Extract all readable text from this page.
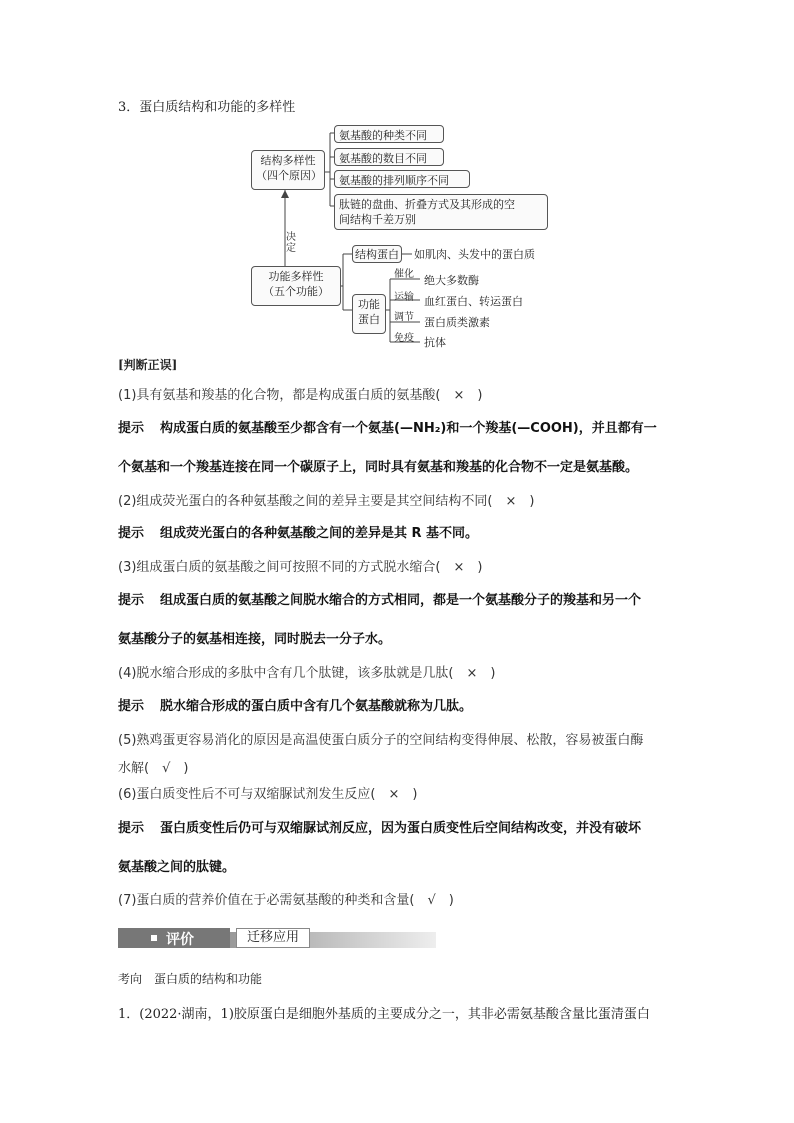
3．蛋白质结构和功能的多样性
结构多样性
（四个原因）
氨基酸的种类不同
氨基酸的数目不同
氨基酸的排列顺序不同
肽链的盘曲、折叠方式及其形成的空
间结构千差万别
决定
功能多样性
（五个功能）
结构蛋白 如肌肉、头发中的蛋白质
功能
蛋白
催化 绝大多数酶
运输 血红蛋白、转运蛋白
调节 蛋白质类激素
免疫 抗体
[判断正误]
(1)具有氨基和羧基的化合物，都是构成蛋白质的氨基酸(　×　)
提示 构成蛋白质的氨基酸至少都含有一个氨基(—NH₂)和一个羧基(—COOH)，并且都有一
个氨基和一个羧基连接在同一个碳原子上，同时具有氨基和羧基的化合物不一定是氨基酸。
(2)组成荧光蛋白的各种氨基酸之间的差异主要是其空间结构不同(　×　)
提示 组成荧光蛋白的各种氨基酸之间的差异是其 R 基不同。
(3)组成蛋白质的氨基酸之间可按照不同的方式脱水缩合(　×　)
提示 组成蛋白质的氨基酸之间脱水缩合的方式相同，都是一个氨基酸分子的羧基和另一个
氨基酸分子的氨基相连接，同时脱去一分子水。
(4)脱水缩合形成的多肽中含有几个肽键，该多肽就是几肽(　×　)
提示 脱水缩合形成的蛋白质中含有几个氨基酸就称为几肽。
(5)熟鸡蛋更容易消化的原因是高温使蛋白质分子的空间结构变得伸展、松散，容易被蛋白酶
水解(　√　)
(6)蛋白质变性后不可与双缩脲试剂发生反应(　×　)
提示 蛋白质变性后仍可与双缩脲试剂反应，因为蛋白质变性后空间结构改变，并没有破坏
氨基酸之间的肽键。
(7)蛋白质的营养价值在于必需氨基酸的种类和含量(　√　)
评价	迁移应用
考向　蛋白质的结构和功能
1．(2022·湖南，1)胶原蛋白是细胞外基质的主要成分之一，其非必需氨基酸含量比蛋清蛋白
